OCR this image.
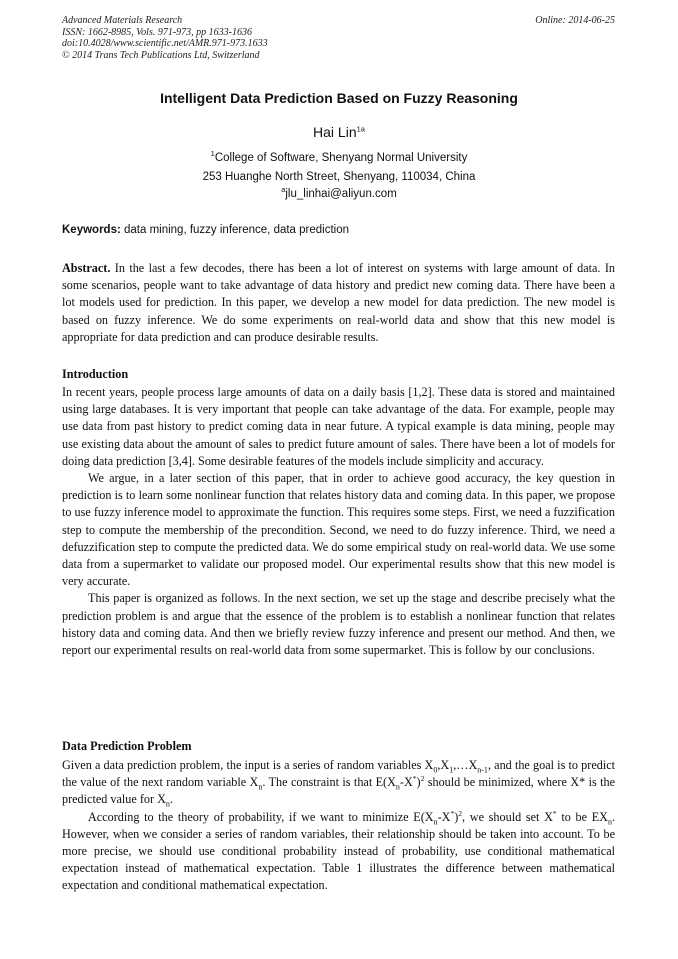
Advanced Materials Research
ISSN: 1662-8985, Vols. 971-973, pp 1633-1636
doi:10.4028/www.scientific.net/AMR.971-973.1633
© 2014 Trans Tech Publications Ltd, Switzerland
Online: 2014-06-25
Intelligent Data Prediction Based on Fuzzy Reasoning
Hai Lin$^{1a}$
$^1$College of Software, Shenyang Normal University
253 Huanghe North Street, Shenyang, 110034, China
$^a$jlu_linhai@aliyun.com
Keywords: data mining, fuzzy inference, data prediction

Abstract. In the last a few decodes, there has been a lot of interest on systems with large amount of data. In some scenarios, people want to take advantage of data history and predict new coming data. There have been a lot models used for prediction. In this paper, we develop a new model for data prediction. The new model is based on fuzzy inference. We do some experiments on real-world data and show that this new model is appropriate for data prediction and can produce desirable results.

Introduction

In recent years, people process large amounts of data on a daily basis [1,2]. These data is stored and maintained using large databases. It is very important that people can take advantage of the data. For example, people may use data from past history to predict coming data in near future. A typical example is data mining, people may use existing data about the amount of sales to predict future amount of sales. There have been a lot of models for doing data prediction [3,4]. Some desirable features of the models include simplicity and accuracy.

We argue, in a later section of this paper, that in order to achieve good accuracy, the key question in prediction is to learn some nonlinear function that relates history data and coming data. In this paper, we propose to use fuzzy inference model to approximate the function. This requires some steps. First, we need a fuzzification step to compute the membership of the precondition. Second, we need to do fuzzy inference. Third, we need a defuzzification step to compute the predicted data. We do some empirical study on real-world data. We use some data from a supermarket to validate our proposed model. Our experimental results show that this new model is very accurate.

This paper is organized as follows. In the next section, we set up the stage and describe precisely what the prediction problem is and argue that the essence of the problem is to establish a nonlinear function that relates history data and coming data. And then we briefly review fuzzy inference and present our method. And then, we report our experimental results on real-world data from some supermarket. This is follow by our conclusions.

Data Prediction Problem

Given a data prediction problem, the input is a series of random variables $X_0,X_1,\dots X_{n-1}$, and the goal is to predict the value of the next random variable $X_n$. The constraint is that $E(X_n-X^*)^2$ should be minimized, where X* is the predicted value for $X_n$.

According to the theory of probability, if we want to minimize $E(X_n-X^*)^2$, we should set X* to be $EX_n$. However, when we consider a series of random variables, their relationship should be taken into account. To be more precise, we should use conditional probability instead of probability, use conditional mathematical expectation instead of mathematical expectation. Table 1 illustrates the difference between mathematical expectation and conditional mathematical expectation.
